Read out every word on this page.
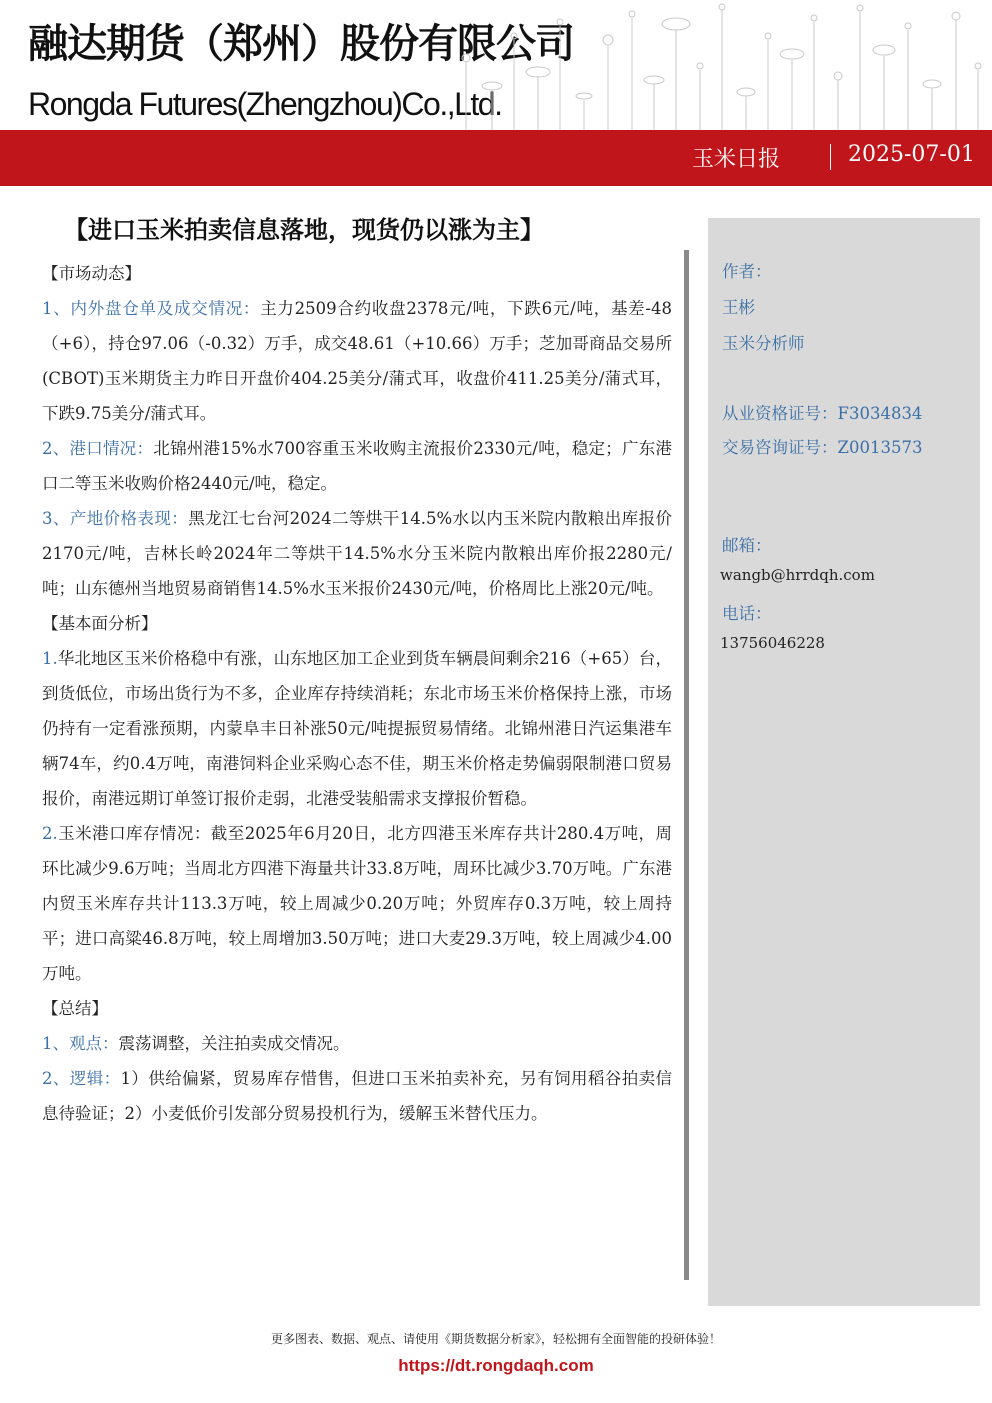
融达期货（郑州）股份有限公司
Rongda Futures(Zhengzhou)Co.,Ltd.
玉米日报	2025-07-01
【进口玉米拍卖信息落地，现货仍以涨为主】

【市场动态】

1、内外盘仓单及成交情况：主力2509合约收盘2378元/吨，下跌6元/吨，基差-48（+6），持仓97.06（-0.32）万手，成交48.61（+10.66）万手；芝加哥商品交易所(CBOT)玉米期货主力昨日开盘价404.25美分/蒲式耳，收盘价411.25美分/蒲式耳，下跌9.75美分/蒲式耳。

2、港口情况：北锦州港15%水700容重玉米收购主流报价2330元/吨，稳定；广东港口二等玉米收购价格2440元/吨，稳定。

3、产地价格表现：黑龙江七台河2024二等烘干14.5%水以内玉米院内散粮出库报价2170元/吨，吉林长岭2024年二等烘干14.5%水分玉米院内散粮出库价报2280元/吨；山东德州当地贸易商销售14.5%水玉米报价2430元/吨，价格周比上涨20元/吨。

【基本面分析】

1.华北地区玉米价格稳中有涨，山东地区加工企业到货车辆晨间剩余216（+65）台，到货低位，市场出货行为不多，企业库存持续消耗；东北市场玉米价格保持上涨，市场仍持有一定看涨预期，内蒙阜丰日补涨50元/吨提振贸易情绪。北锦州港日汽运集港车辆74车，约0.4万吨，南港饲料企业采购心态不佳，期玉米价格走势偏弱限制港口贸易报价，南港远期订单签订报价走弱，北港受装船需求支撑报价暂稳。

2.玉米港口库存情况：截至2025年6月20日，北方四港玉米库存共计280.4万吨，周环比减少9.6万吨；当周北方四港下海量共计33.8万吨，周环比减少3.70万吨。广东港内贸玉米库存共计113.3万吨，较上周减少0.20万吨；外贸库存0.3万吨，较上周持平；进口高粱46.8万吨，较上周增加3.50万吨；进口大麦29.3万吨，较上周减少4.00万吨。

【总结】

1、观点：震荡调整，关注拍卖成交情况。

2、逻辑：1）供给偏紧，贸易库存惜售，但进口玉米拍卖补充，另有饲用稻谷拍卖信息待验证；2）小麦低价引发部分贸易投机行为，缓解玉米替代压力。

作者：
王彬
玉米分析师
从业资格证号：F3034834
交易咨询证号：Z0013573
邮箱：
wangb@hrrdqh.com
电话：
13756046228
更多图表、数据、观点、请使用《期货数据分析家》，轻松拥有全面智能的投研体验！
https://dt.rongdaqh.com
